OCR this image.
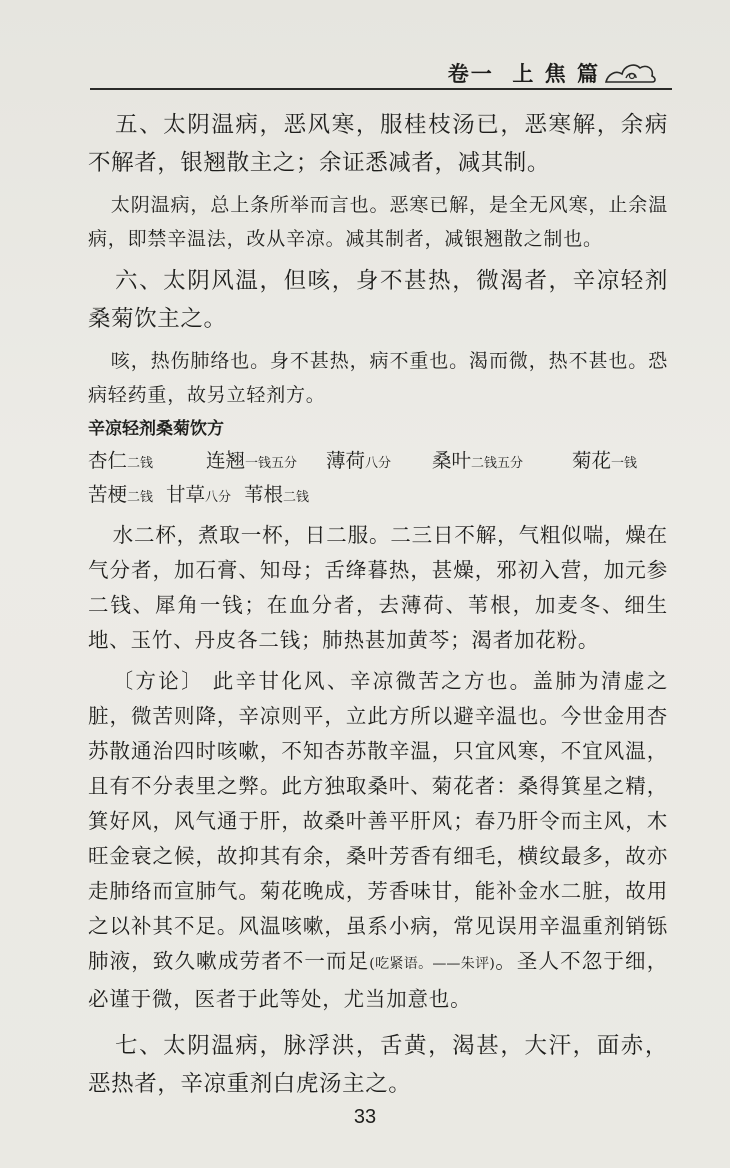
卷一  上 焦 篇

五、太阴温病，恶风寒，服桂枝汤已，恶寒解，余病不解者，银翘散主之；余证悉减者，减其制。

太阴温病，总上条所举而言也。恶寒已解，是全无风寒，止余温病，即禁辛温法，改从辛凉。减其制者，减银翘散之制也。

六、太阴风温，但咳，身不甚热，微渴者，辛凉轻剂桑菊饮主之。

咳，热伤肺络也。身不甚热，病不重也。渴而微，热不甚也。恐病轻药重，故另立轻剂方。

辛凉轻剂桑菊饮方
杏仁二钱	连翘一钱五分 薄荷八分 桑叶二钱五分	菊花一钱
苦梗二钱 甘草八分 苇根二钱

水二杯，煮取一杯，日二服。二三日不解，气粗似喘，燥在气分者，加石膏、知母；舌绛暮热，甚燥，邪初入营，加元参二钱、犀角一钱；在血分者，去薄荷、苇根，加麦冬、细生地、玉竹、丹皮各二钱；肺热甚加黄芩；渴者加花粉。

〔方论〕 此辛甘化风、辛凉微苦之方也。盖肺为清虚之脏，微苦则降，辛凉则平，立此方所以避辛温也。今世金用杏苏散通治四时咳嗽，不知杏苏散辛温，只宜风寒，不宜风温，且有不分表里之弊。此方独取桑叶、菊花者：桑得箕星之精，箕好风，风气通于肝，故桑叶善平肝风；春乃肝令而主风，木旺金衰之候，故抑其有余，桑叶芳香有细毛，横纹最多，故亦走肺络而宣肺气。菊花晚成，芳香味甘，能补金水二脏，故用之以补其不足。风温咳嗽，虽系小病，常见误用辛温重剂销铄肺液，致久嗽成劳者不一而足(吃紧语。——朱评)。圣人不忽于细，必谨于微，医者于此等处，尤当加意也。

七、太阴温病，脉浮洪，舌黄，渴甚，大汗，面赤，恶热者，辛凉重剂白虎汤主之。

33
